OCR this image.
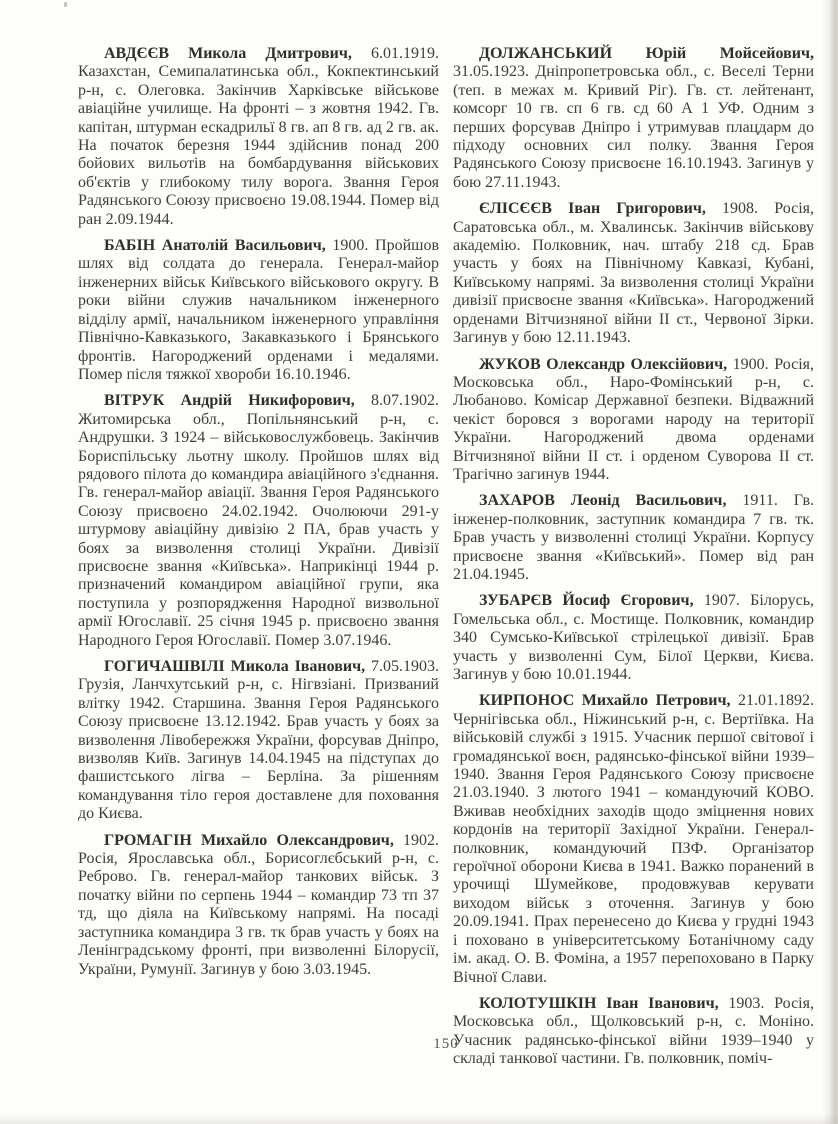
АВДЄЄВ Микола Дмитрович, 6.01.1919. Казахстан, Семипалатинська обл., Кокпектинський р-н, с. Олеговка. Закінчив Харківське військове авіаційне училище. На фронті – з жовтня 1942. Гв. капітан, штурман ескадрильї 8 гв. ап 8 гв. ад 2 гв. ак. На початок березня 1944 здійснив понад 200 бойових вильотів на бомбардування військових об'єктів у глибокому тилу ворога. Звання Героя Радянського Союзу присвоєно 19.08.1944. Помер від ран 2.09.1944.

БАБІН Анатолій Васильович, 1900. Пройшов шлях від солдата до генерала. Генерал-майор інженерних військ Київського військового округу. В роки війни служив начальником інженерного відділу армії, начальником інженерного управління Північно-Кавказького, Закавказького і Брянського фронтів. Нагороджений орденами і медалями. Помер після тяжкої хвороби 16.10.1946.

ВІТРУК Андрій Никифорович, 8.07.1902. Житомирська обл., Попільнянський р-н, с. Андрушки. З 1924 – військовослужбовець. Закінчив Бориспільську льотну школу. Пройшов шлях від рядового пілота до командира авіаційного з'єднання. Гв. генерал-майор авіації. Звання Героя Радянського Союзу присвоєно 24.02.1942. Очолюючи 291-у штурмову авіаційну дивізію 2 ПА, брав участь у боях за визволення столиці України. Дивізії присвоєне звання «Київська». Наприкінці 1944 р. призначений командиром авіаційної групи, яка поступила у розпорядження Народної визвольної армії Югославії. 25 січня 1945 р. присвоєно звання Народного Героя Югославії. Помер 3.07.1946.

ГОГИЧАШВІЛІ Микола Іванович, 7.05.1903. Грузія, Ланчхутський р-н, с. Нігвзіані. Призваний влітку 1942. Старшина. Звання Героя Радянського Союзу присвоєне 13.12.1942. Брав участь у боях за визволення Лівобережжя України, форсував Дніпро, визволяв Київ. Загинув 14.04.1945 на підступах до фашистського лігва – Берліна. За рішенням командування тіло героя доставлене для поховання до Києва.

ГРОМАГІН Михайло Олександрович, 1902. Росія, Ярославська обл., Борисоглєбський р-н, с. Реброво. Гв. генерал-майор танкових військ. З початку війни по серпень 1944 – командир 73 тп 37 тд, що діяла на Київському напрямі. На посаді заступника командира 3 гв. тк брав участь у боях на Ленінградському фронті, при визволенні Білорусії, України, Румунії. Загинув у бою 3.03.1945.

ДОЛЖАНСЬКИЙ Юрій Мойсейович, 31.05.1923. Дніпропетровська обл., с. Веселі Терни (теп. в межах м. Кривий Ріг). Гв. ст. лейтенант, комсорг 10 гв. сп 6 гв. сд 60 А 1 УФ. Одним з перших форсував Дніпро і утримував плацдарм до підходу основних сил полку. Звання Героя Радянського Союзу присвоєне 16.10.1943. Загинув у бою 27.11.1943.

ЄЛІСЄЄВ Іван Григорович, 1908. Росія, Саратовська обл., м. Хвалинськ. Закінчив військову академію. Полковник, нач. штабу 218 сд. Брав участь у боях на Північному Кавказі, Кубані, Київському напрямі. За визволення столиці України дивізії присвоєне звання «Київська». Нагороджений орденами Вітчизняної війни II ст., Червоної Зірки. Загинув у бою 12.11.1943.

ЖУКОВ Олександр Олексійович, 1900. Росія, Московська обл., Наро-Фомінський р-н, с. Любаново. Комісар Державної безпеки. Відважний чекіст боровся з ворогами народу на території України. Нагороджений двома орденами Вітчизняної війни II ст. і орденом Суворова II ст. Трагічно загинув 1944.

ЗАХАРОВ Леонід Васильович, 1911. Гв. інженер-полковник, заступник командира 7 гв. тк. Брав участь у визволенні столиці України. Корпусу присвоєне звання «Київський». Помер від ран 21.04.1945.

ЗУБАРЄВ Йосиф Єгорович, 1907. Білорусь, Гомельська обл., с. Мостище. Полковник, командир 340 Сумсько-Київської стрілецької дивізії. Брав участь у визволенні Сум, Білої Церкви, Києва. Загинув у бою 10.01.1944.

КИРПОНОС Михайло Петрович, 21.01.1892. Чернігівська обл., Ніжинський р-н, с. Вертіївка. На військовій службі з 1915. Учасник першої світової і громадянської воєн, радянсько-фінської війни 1939–1940. Звання Героя Радянського Союзу присвоєне 21.03.1940. З лютого 1941 – командуючий КОВО. Вживав необхідних заходів щодо зміцнення нових кордонів на території Західної України. Генерал-полковник, командуючий ПЗФ. Організатор героїчної оборони Києва в 1941. Важко поранений в урочищі Шумейкове, продовжував керувати виходом військ з оточення. Загинув у бою 20.09.1941. Прах перенесено до Києва у грудні 1943 і поховано в університетському Ботанічному саду ім. акад. О. В. Фоміна, а 1957 перепоховано в Парку Вічної Слави.

КОЛОТУШКІН Іван Іванович, 1903. Росія, Московська обл., Щолковський р-н, с. Моніно. Учасник радянсько-фінської війни 1939–1940 у складі танкової частини. Гв. полковник, поміч-

150
